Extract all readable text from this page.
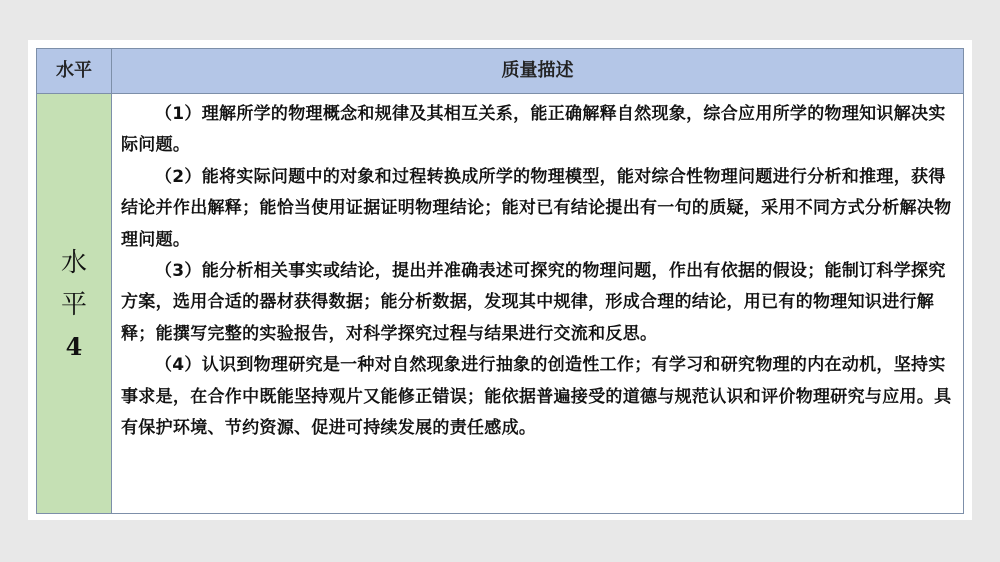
水平	质量描述
水
平
4

（1）理解所学的物理概念和规律及其相互关系，能正确解释自然现象，综合应用所学的物理知识解决实际问题。

（2）能将实际问题中的对象和过程转换成所学的物理模型，能对综合性物理问题进行分析和推理，获得结论并作出解释；能恰当使用证据证明物理结论；能对已有结论提出有一句的质疑，采用不同方式分析解决物理问题。

（3）能分析相关事实或结论，提出并准确表述可探究的物理问题，作出有依据的假设；能制订科学探究方案，选用合适的器材获得数据；能分析数据，发现其中规律，形成合理的结论，用已有的物理知识进行解释；能撰写完整的实验报告，对科学探究过程与结果进行交流和反思。

（4）认识到物理研究是一种对自然现象进行抽象的创造性工作；有学习和研究物理的内在动机，坚持实事求是，在合作中既能坚持观片又能修正错误；能依据普遍接受的道德与规范认识和评价物理研究与应用。具有保护环境、节约资源、促进可持续发展的责任感成。
